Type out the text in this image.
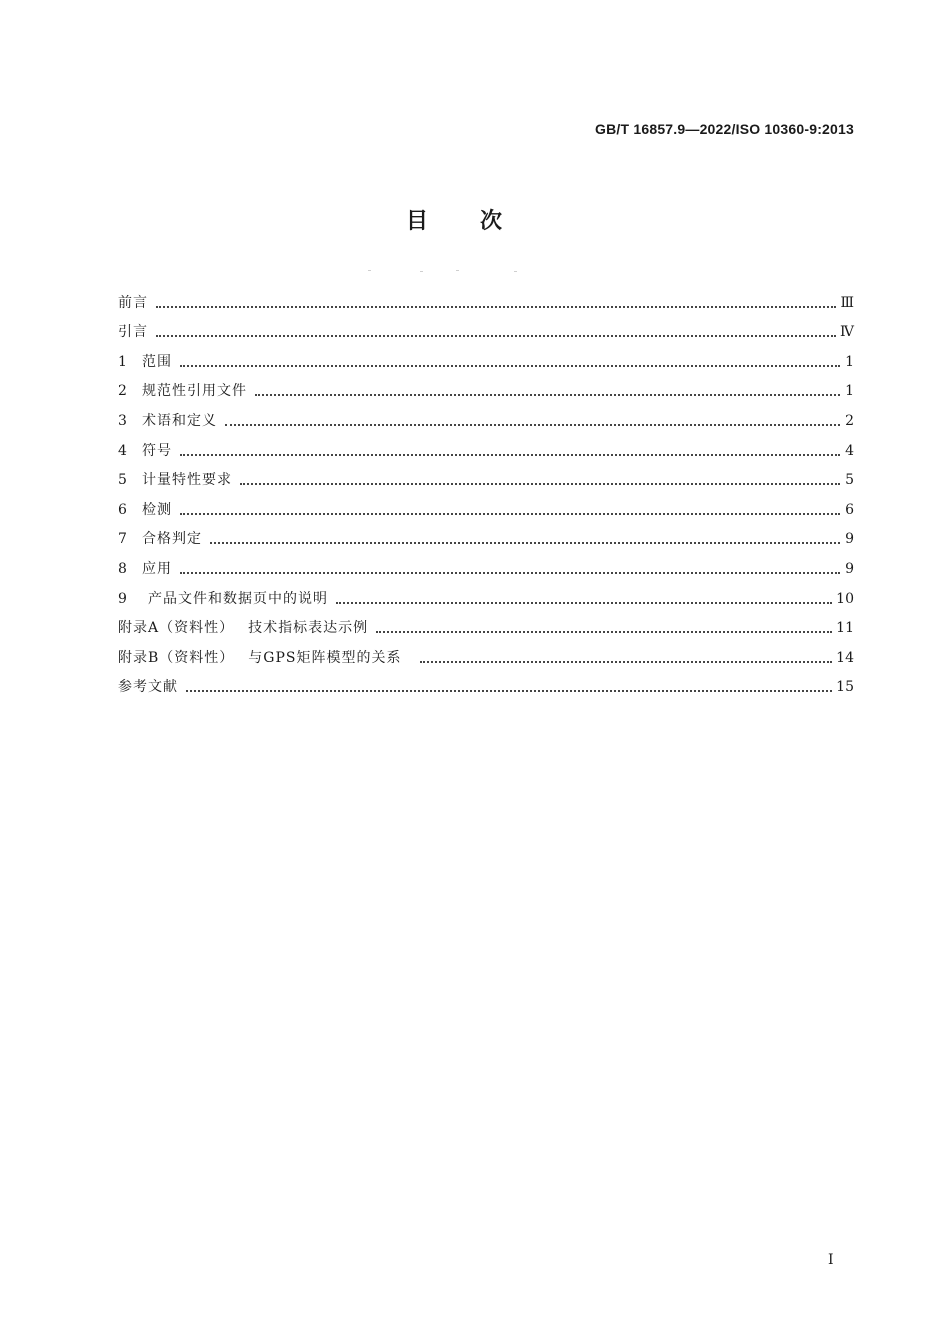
GB/T 16857.9—2022/ISO 10360-9:2013
目次
前言	Ⅲ
引言	Ⅳ
1	范围	1
2	规范性引用文件	1
3	术语和定义	2
4	符号	4
5	计量特性要求	5
6	检测	6
7	合格判定	9
8	应用	9
9	产品文件和数据页中的说明	10
附录A（资料性） 技术指标表达示例	11
附录B（资料性） 与GPS矩阵模型的关系	14
参考文献	15
I
